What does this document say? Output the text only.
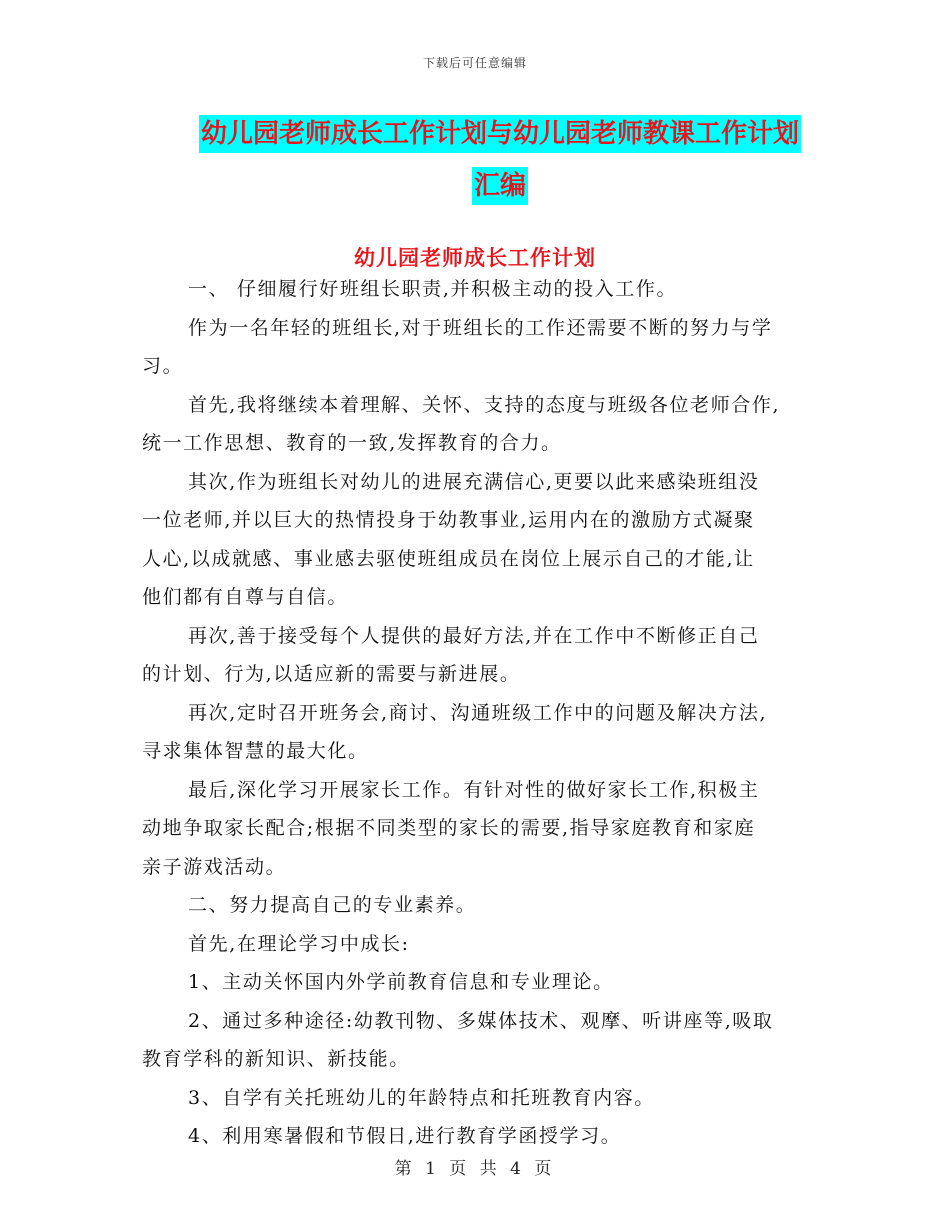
下载后可任意编辑
幼儿园老师成长工作计划与幼儿园老师教课工作计划
汇编
幼儿园老师成长工作计划
一、 仔细履行好班组长职责,并积极主动的投入工作。
作为一名年轻的班组长,对于班组长的工作还需要不断的努力与学
习。
首先,我将继续本着理解、关怀、支持的态度与班级各位老师合作,
统一工作思想、教育的一致,发挥教育的合力。
其次,作为班组长对幼儿的进展充满信心,更要以此来感染班组没
一位老师,并以巨大的热情投身于幼教事业,运用内在的激励方式凝聚
人心,以成就感、事业感去驱使班组成员在岗位上展示自己的才能,让
他们都有自尊与自信。
再次,善于接受每个人提供的最好方法,并在工作中不断修正自己
的计划、行为,以适应新的需要与新进展。
再次,定时召开班务会,商讨、沟通班级工作中的问题及解决方法,
寻求集体智慧的最大化。
最后,深化学习开展家长工作。有针对性的做好家长工作,积极主
动地争取家长配合;根据不同类型的家长的需要,指导家庭教育和家庭
亲子游戏活动。
二、努力提高自己的专业素养。
首先,在理论学习中成长:
1、主动关怀国内外学前教育信息和专业理论。
2、通过多种途径:幼教刊物、多媒体技术、观摩、听讲座等,吸取
教育学科的新知识、新技能。
3、自学有关托班幼儿的年龄特点和托班教育内容。
4、利用寒暑假和节假日,进行教育学函授学习。
第 1 页 共 4 页
